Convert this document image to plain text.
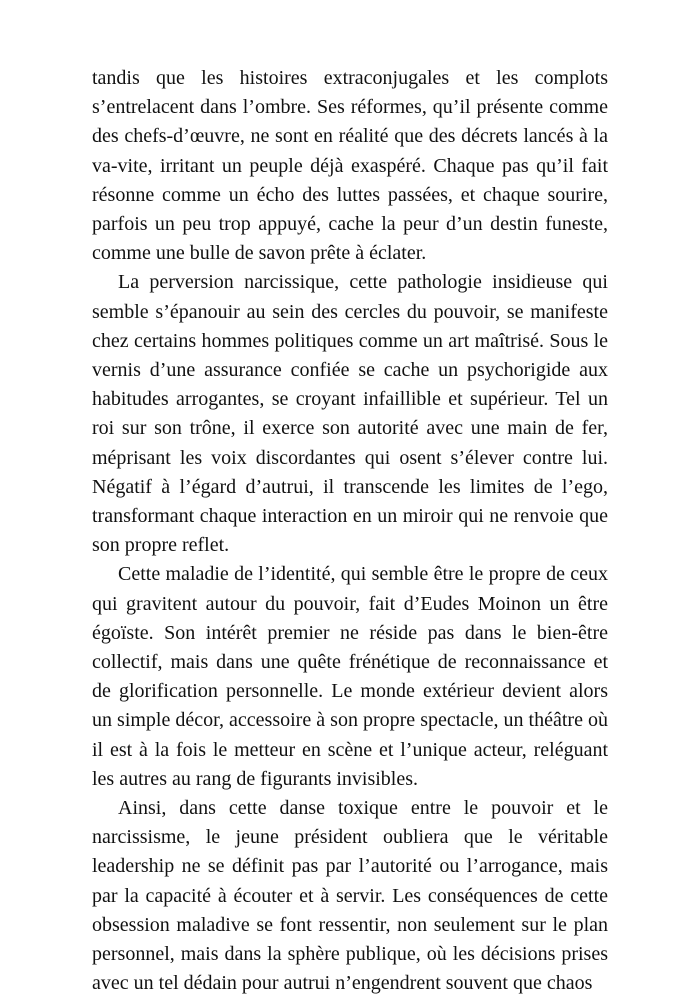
tandis que les histoires extraconjugales et les complots s’entrelacent dans l’ombre. Ses réformes, qu’il présente comme des chefs-d’œuvre, ne sont en réalité que des décrets lancés à la va-vite, irritant un peuple déjà exaspéré. Chaque pas qu’il fait résonne comme un écho des luttes passées, et chaque sourire, parfois un peu trop appuyé, cache la peur d’un destin funeste, comme une bulle de savon prête à éclater.

La perversion narcissique, cette pathologie insidieuse qui semble s’épanouir au sein des cercles du pouvoir, se manifeste chez certains hommes politiques comme un art maîtrisé. Sous le vernis d’une assurance confiée se cache un psychorigide aux habitudes arrogantes, se croyant infaillible et supérieur. Tel un roi sur son trône, il exerce son autorité avec une main de fer, méprisant les voix discordantes qui osent s’élever contre lui. Négatif à l’égard d’autrui, il transcende les limites de l’ego, transformant chaque interaction en un miroir qui ne renvoie que son propre reflet.

Cette maladie de l’identité, qui semble être le propre de ceux qui gravitent autour du pouvoir, fait d’Eudes Moinon un être égoïste. Son intérêt premier ne réside pas dans le bien-être collectif, mais dans une quête frénétique de reconnaissance et de glorification personnelle. Le monde extérieur devient alors un simple décor, accessoire à son propre spectacle, un théâtre où il est à la fois le metteur en scène et l’unique acteur, reléguant les autres au rang de figurants invisibles.

Ainsi, dans cette danse toxique entre le pouvoir et le narcissisme, le jeune président oubliera que le véritable leadership ne se définit pas par l’autorité ou l’arrogance, mais par la capacité à écouter et à servir. Les conséquences de cette obsession maladive se font ressentir, non seulement sur le plan personnel, mais dans la sphère publique, où les décisions prises avec un tel dédain pour autrui n’engendrent souvent que chaos
